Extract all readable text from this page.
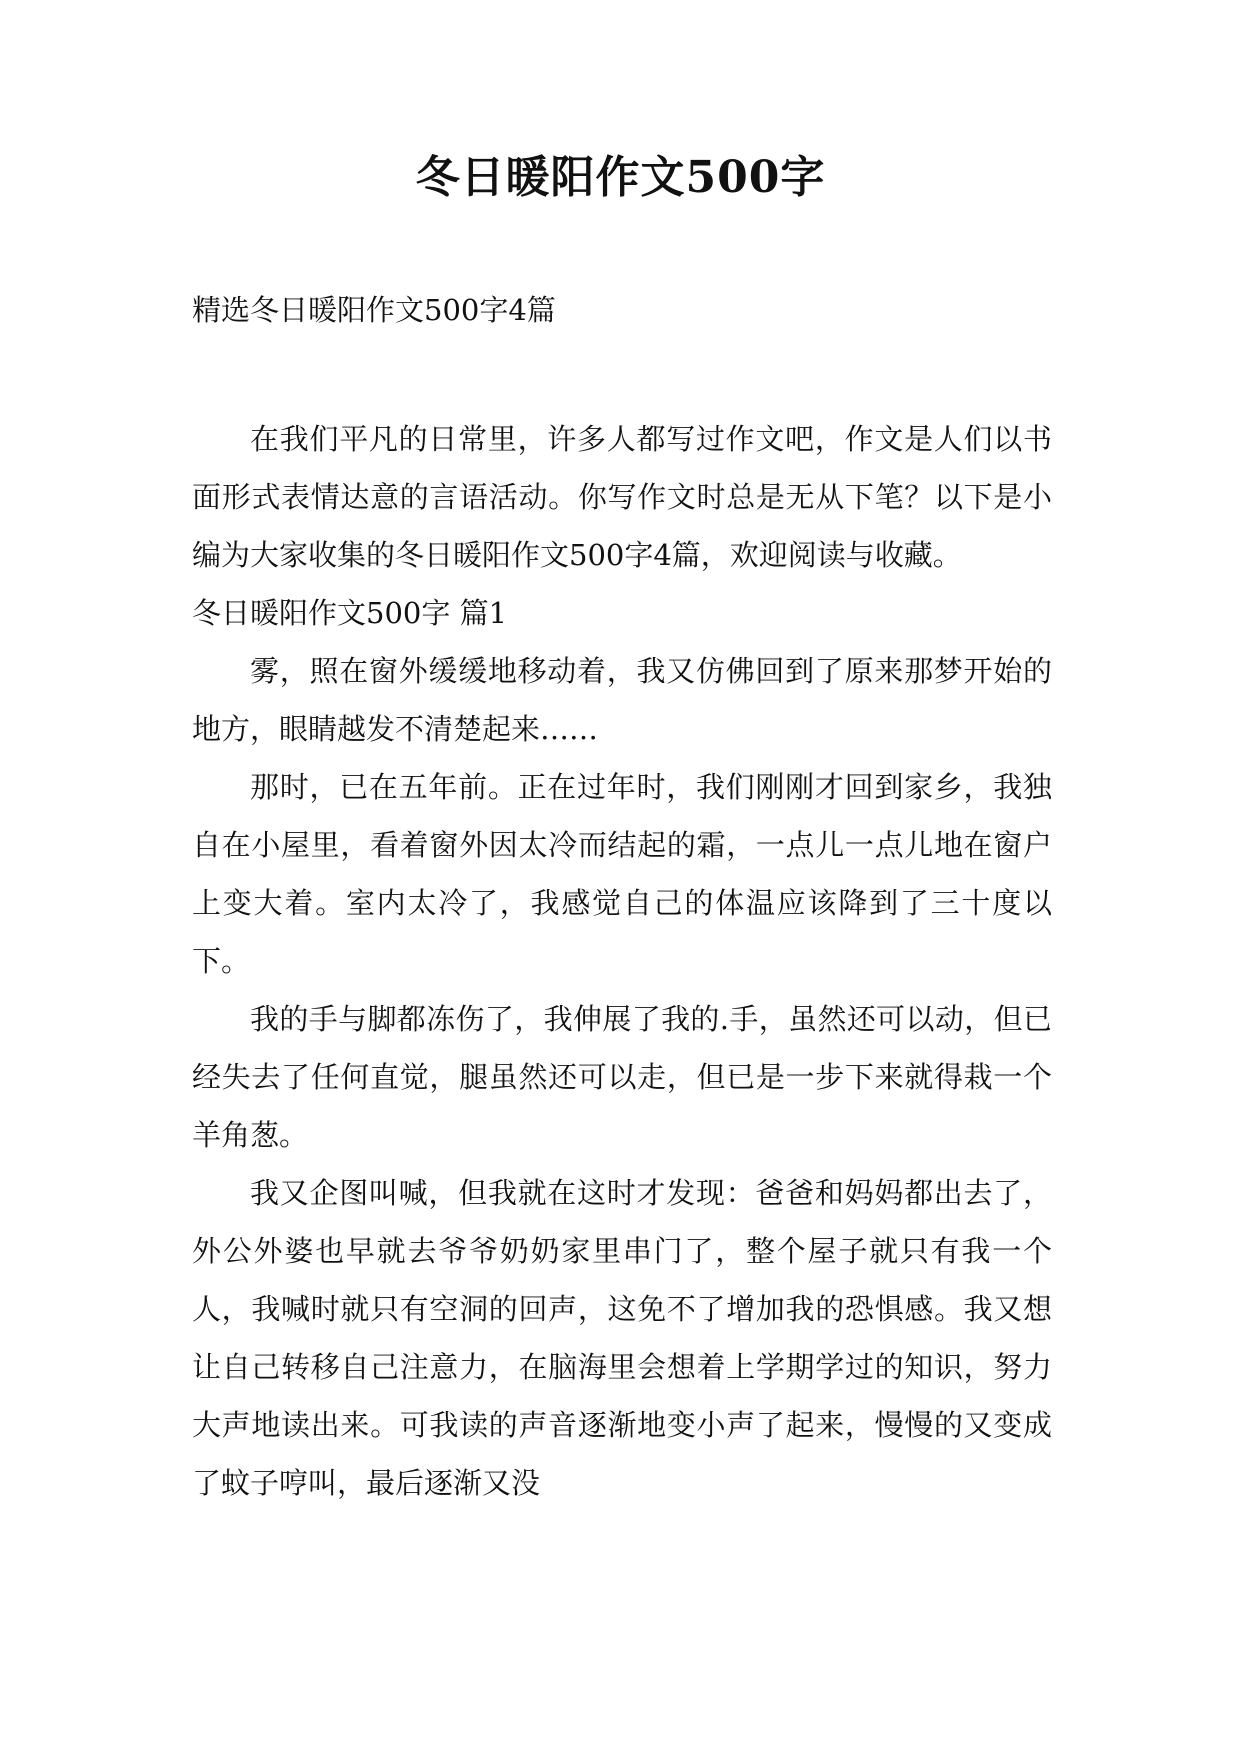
冬日暖阳作文500字
精选冬日暖阳作文500字4篇

在我们平凡的日常里，许多人都写过作文吧，作文是人们以书面形式表情达意的言语活动。你写作文时总是无从下笔？以下是小编为大家收集的冬日暖阳作文500字4篇，欢迎阅读与收藏。

冬日暖阳作文500字 篇1

雾，照在窗外缓缓地移动着，我又仿佛回到了原来那梦开始的地方，眼睛越发不清楚起来……

那时，已在五年前。正在过年时，我们刚刚才回到家乡，我独自在小屋里，看着窗外因太冷而结起的霜，一点儿一点儿地在窗户上变大着。室内太冷了，我感觉自己的体温应该降到了三十度以下。

我的手与脚都冻伤了，我伸展了我的.手，虽然还可以动，但已经失去了任何直觉，腿虽然还可以走，但已是一步下来就得栽一个羊角葱。

我又企图叫喊，但我就在这时才发现：爸爸和妈妈都出去了，外公外婆也早就去爷爷奶奶家里串门了，整个屋子就只有我一个人，我喊时就只有空洞的回声，这免不了增加我的恐惧感。我又想让自己转移自己注意力，在脑海里会想着上学期学过的知识，努力大声地读出来。可我读的声音逐渐地变小声了起来，慢慢的又变成了蚊子哼叫，最后逐渐又没
